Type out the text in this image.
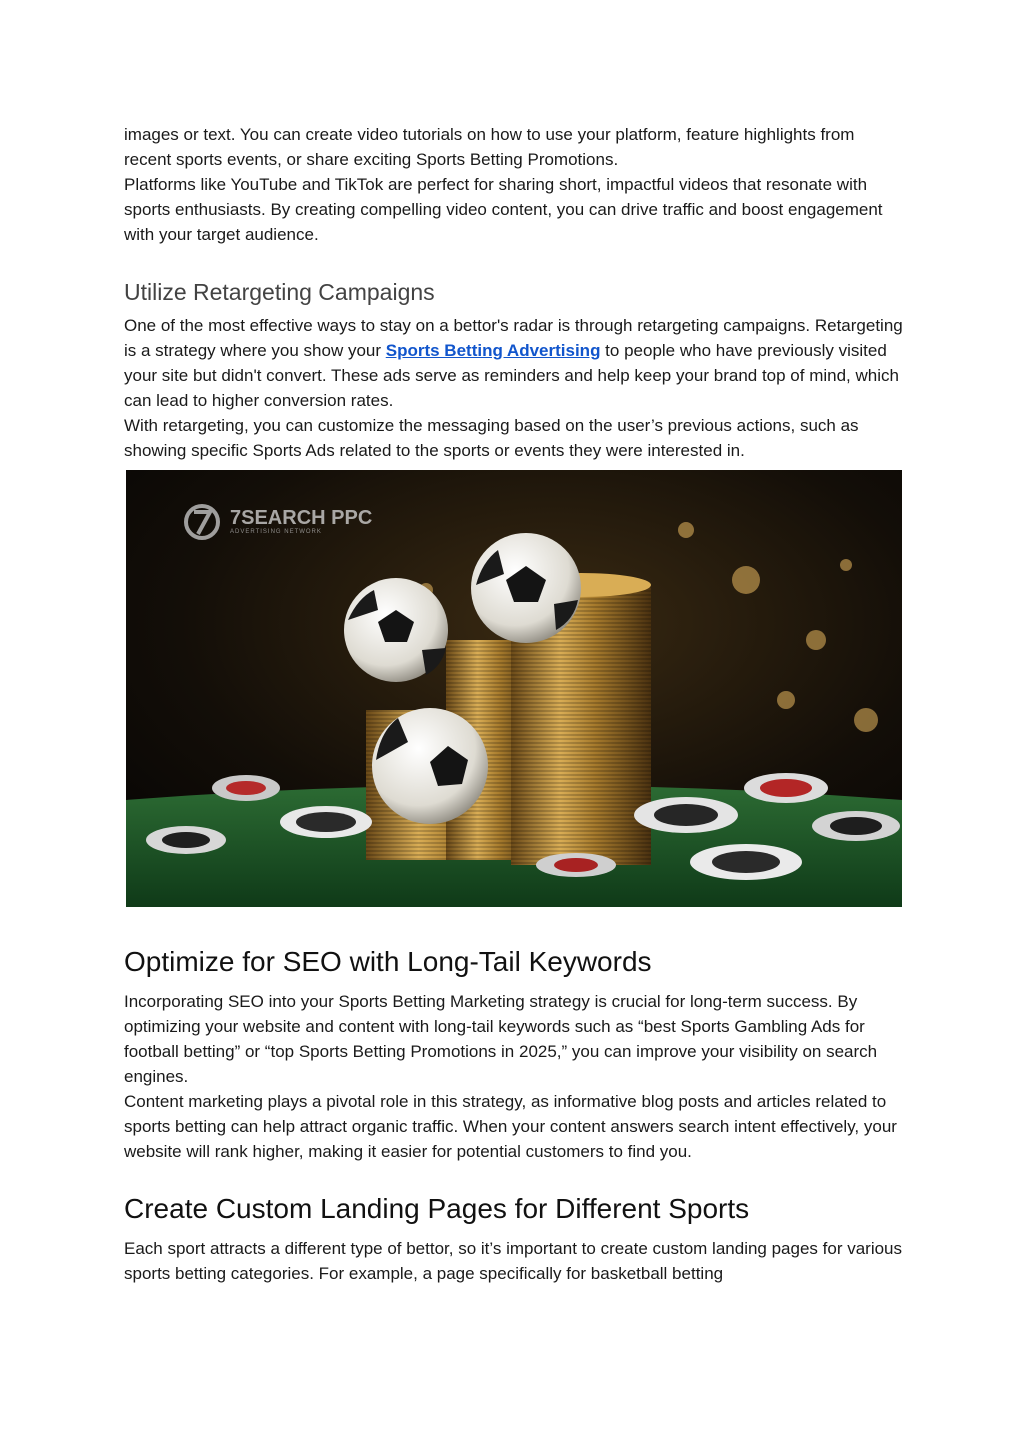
images or text. You can create video tutorials on how to use your platform, feature highlights from recent sports events, or share exciting Sports Betting Promotions.

Platforms like YouTube and TikTok are perfect for sharing short, impactful videos that resonate with sports enthusiasts. By creating compelling video content, you can drive traffic and boost engagement with your target audience.

Utilize Retargeting Campaigns

One of the most effective ways to stay on a bettor's radar is through retargeting campaigns. Retargeting is a strategy where you show your Sports Betting Advertising to people who have previously visited your site but didn't convert. These ads serve as reminders and help keep your brand top of mind, which can lead to higher conversion rates.

With retargeting, you can customize the messaging based on the user’s previous actions, such as showing specific Sports Ads related to the sports or events they were interested in.

7SEARCH PPC
ADVERTISING NETWORK
Optimize for SEO with Long-Tail Keywords

Incorporating SEO into your Sports Betting Marketing strategy is crucial for long-term success. By optimizing your website and content with long-tail keywords such as “best Sports Gambling Ads for football betting” or “top Sports Betting Promotions in 2025,” you can improve your visibility on search engines.

Content marketing plays a pivotal role in this strategy, as informative blog posts and articles related to sports betting can help attract organic traffic. When your content answers search intent effectively, your website will rank higher, making it easier for potential customers to find you.

Create Custom Landing Pages for Different Sports

Each sport attracts a different type of bettor, so it’s important to create custom landing pages for various sports betting categories. For example, a page specifically for basketball betting
